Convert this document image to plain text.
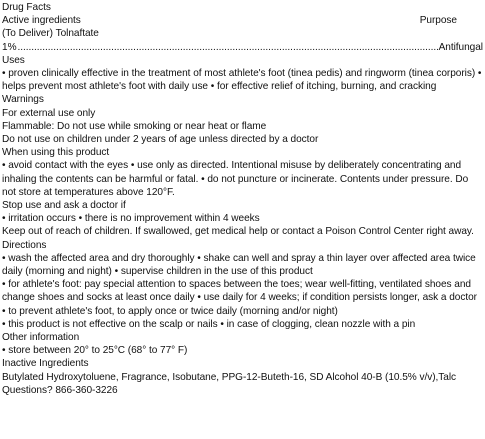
Drug Facts
Active ingredients	Purpose
(To Deliver) Tolnaftate
1%
.....	Antifungal
Uses
• proven clinically effective in the treatment of most athlete's foot (tinea pedis) and ringworm (tinea corporis) • helps prevent most athlete's foot with daily use • for effective relief of itching, burning, and cracking
Warnings
For external use only
Flammable: Do not use while smoking or near heat or flame
Do not use on children under 2 years of age unless directed by a doctor
When using this product
• avoid contact with the eyes • use only as directed. Intentional misuse by deliberately concentrating and inhaling the contents can be harmful or fatal. • do not puncture or incinerate. Contents under pressure. Do not store at temperatures above 120°F.
Stop use and ask a doctor if
• irritation occurs • there is no improvement within 4 weeks
Keep out of reach of children. If swallowed, get medical help or contact a Poison Control Center right away.
Directions
• wash the affected area and dry thoroughly • shake can well and spray a thin layer over affected area twice daily (morning and night) • supervise children in the use of this product
• for athlete's foot: pay special attention to spaces between the toes; wear well-fitting, ventilated shoes and change shoes and socks at least once daily • use daily for 4 weeks; if condition persists longer, ask a doctor • to prevent athlete's foot, to apply once or twice daily (morning and/or night)
• this product is not effective on the scalp or nails • in case of clogging, clean nozzle with a pin
Other information
• store between 20° to 25°C (68° to 77° F)
Inactive Ingredients
Butylated Hydroxytoluene, Fragrance, Isobutane, PPG-12-Buteth-16, SD Alcohol 40-B (10.5% v/v),Talc
Questions? 866-360-3226
